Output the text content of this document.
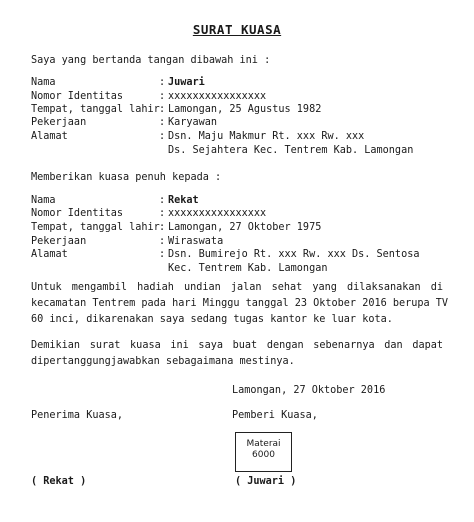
SURAT KUASA
Saya yang bertanda tangan dibawah ini :
Nama	: Juwari
Nomor Identitas	: xxxxxxxxxxxxxxxx
Tempat, tanggal lahir : Lamongan, 25 Agustus 1982
Pekerjaan	: Karyawan
Alamat	: Dsn. Maju Makmur Rt. xxx Rw. xxx
Ds. Sejahtera Kec. Tentrem Kab. Lamongan
Memberikan kuasa penuh kepada :
Nama	: Rekat
Nomor Identitas	: xxxxxxxxxxxxxxxx
Tempat, tanggal lahir : Lamongan, 27 Oktober 1975
Pekerjaan	: Wiraswata
Alamat	: Dsn. Bumirejo Rt. xxx Rw. xxx Ds. Sentosa
Kec. Tentrem Kab. Lamongan
Untuk mengambil hadiah undian jalan sehat yang dilaksanakan di
kecamatan Tentrem pada hari Minggu tanggal 23 Oktober 2016 berupa TV
60 inci, dikarenakan saya sedang tugas kantor ke luar kota.
Demikian surat kuasa ini saya buat dengan sebenarnya dan dapat
dipertanggungjawabkan sebagaimana mestinya.
Lamongan, 27 Oktober 2016
Penerima Kuasa,	Pemberi Kuasa,
Materai
6000
( Rekat )	( Juwari )
